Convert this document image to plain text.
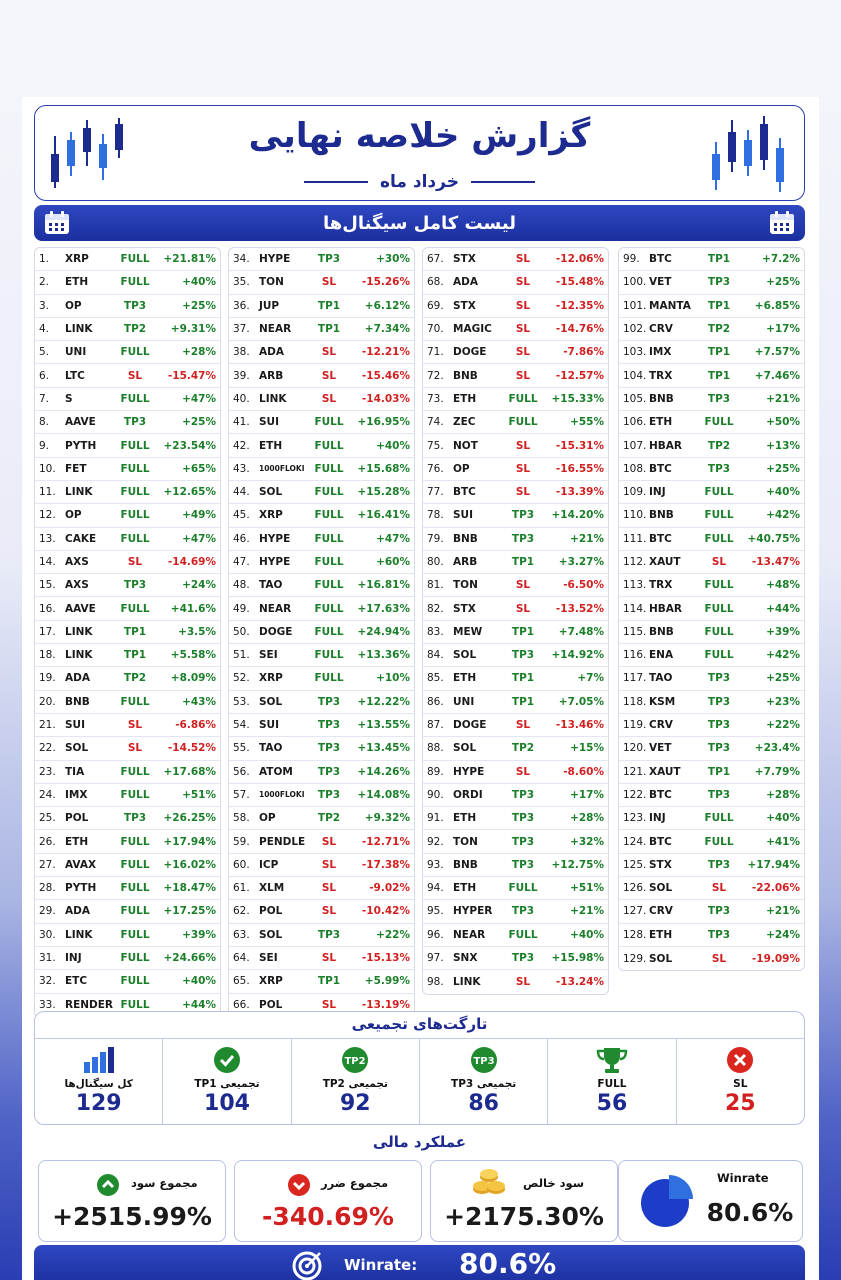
گزارش خلاصه نهایی
خرداد ماه
لیست کامل سیگنال‌ها
1.	XRP	FULL	+21.81%
2.	ETH	FULL	+40%
3.	OP	TP3	+25%
4.	LINK	TP2	+9.31%
5.	UNI	FULL	+28%
6.	LTC	SL	-15.47%
7.	S	FULL	+47%
8.	AAVE	TP3	+25%
9.	PYTH	FULL	+23.54%
10. FET	FULL	+65%
11. LINK	FULL	+12.65%
12. OP	FULL	+49%
13. CAKE	FULL	+47%
14. AXS	SL	-14.69%
15. AXS	TP3	+24%
16. AAVE	FULL	+41.6%
17. LINK	TP1	+3.5%
18. LINK	TP1	+5.58%
19. ADA	TP2	+8.09%
20. BNB	FULL	+43%
21. SUI	SL	-6.86%
22. SOL	SL	-14.52%
23. TIA	FULL	+17.68%
24. IMX	FULL	+51%
25. POL	TP3	+26.25%
26. ETH	FULL	+17.94%
27. AVAX	FULL	+16.02%
28. PYTH	FULL	+18.47%
29. ADA	FULL	+17.25%
30. LINK	FULL	+39%
31. INJ	FULL	+24.66%
32. ETC	FULL	+40%
33. RENDER FULL	+44%
34. HYPE	TP3	+30%
35. TON	SL	-15.26%
36. JUP	TP1	+6.12%
37. NEAR	TP1	+7.34%
38. ADA	SL	-12.21%
39. ARB	SL	-15.46%
40. LINK	SL	-14.03%
41. SUI	FULL	+16.95%
42. ETH	FULL	+40%
43.	1000FLOKI FULL	+15.68%
44. SOL	FULL	+15.28%
45. XRP	FULL	+16.41%
46. HYPE	FULL	+47%
47. HYPE	FULL	+60%
48. TAO	FULL	+16.81%
49. NEAR	FULL	+17.63%
50. DOGE	FULL	+24.94%
51. SEI	FULL	+13.36%
52. XRP	FULL	+10%
53. SOL	TP3	+12.22%
54. SUI	TP3	+13.55%
55. TAO	TP3	+13.45%
56. ATOM	TP3	+14.26%
57.	1000FLOKI	TP3	+14.08%
58. OP	TP2	+9.32%
59. PENDLE	SL	-12.71%
60. ICP	SL	-17.38%
61. XLM	SL	-9.02%
62. POL	SL	-10.42%
63. SOL	TP3	+22%
64. SEI	SL	-15.13%
65. XRP	TP1	+5.99%
66. POL	SL	-13.19%
67. STX	SL	-12.06%
68. ADA	SL	-15.48%
69. STX	SL	-12.35%
70. MAGIC	SL	-14.76%
71. DOGE	SL	-7.86%
72. BNB	SL	-12.57%
73. ETH	FULL	+15.33%
74. ZEC	FULL	+55%
75. NOT	SL	-15.31%
76. OP	SL	-16.55%
77. BTC	SL	-13.39%
78. SUI	TP3	+14.20%
79. BNB	TP3	+21%
80. ARB	TP1	+3.27%
81. TON	SL	-6.50%
82. STX	SL	-13.52%
83. MEW	TP1	+7.48%
84. SOL	TP3	+14.92%
85. ETH	TP1	+7%
86. UNI	TP1	+7.05%
87. DOGE	SL	-13.46%
88. SOL	TP2	+15%
89. HYPE	SL	-8.60%
90. ORDI	TP3	+17%
91. ETH	TP3	+28%
92. TON	TP3	+32%
93. BNB	TP3	+12.75%
94. ETH	FULL	+51%
95. HYPER	TP3	+21%
96. NEAR	FULL	+40%
97. SNX	TP3	+15.98%
98. LINK	SL	-13.24%
99. BTC	TP1	+7.2%
100. VET	TP3	+25%
101. MANTA	TP1	+6.85%
102. CRV	TP2	+17%
103. IMX	TP1	+7.57%
104. TRX	TP1	+7.46%
105. BNB	TP3	+21%
106. ETH	FULL	+50%
107. HBAR	TP2	+13%
108. BTC	TP3	+25%
109. INJ	FULL	+40%
110. BNB	FULL	+42%
111. BTC	FULL	+40.75%
112. XAUT	SL	-13.47%
113. TRX	FULL	+48%
114. HBAR	FULL	+44%
115. BNB	FULL	+39%
116. ENA	FULL	+42%
117. TAO	TP3	+25%
118. KSM	TP3	+23%
119. CRV	TP3	+22%
120. VET	TP3	+23.4%
121. XAUT	TP1	+7.79%
122. BTC	TP3	+28%
123. INJ	FULL	+40%
124. BTC	FULL	+41%
125. STX	TP3	+17.94%
126. SOL	SL	-22.06%
127. CRV	TP3	+21%
128. ETH	TP3	+24%
129. SOL	SL	-19.09%
تارگت‌های تجمیعی
کل سیگنال‌ها
129
TP1 تجمیعی
104
TP2
TP2 تجمیعی
92
TP3
TP3 تجمیعی
86
FULL
56
SL
25
عملکرد مالی
مجموع سود
+2515.99%
مجموع ضرر
-340.69%
سود خالص
+2175.30%
Winrate
80.6%
Winrate: 80.6%
